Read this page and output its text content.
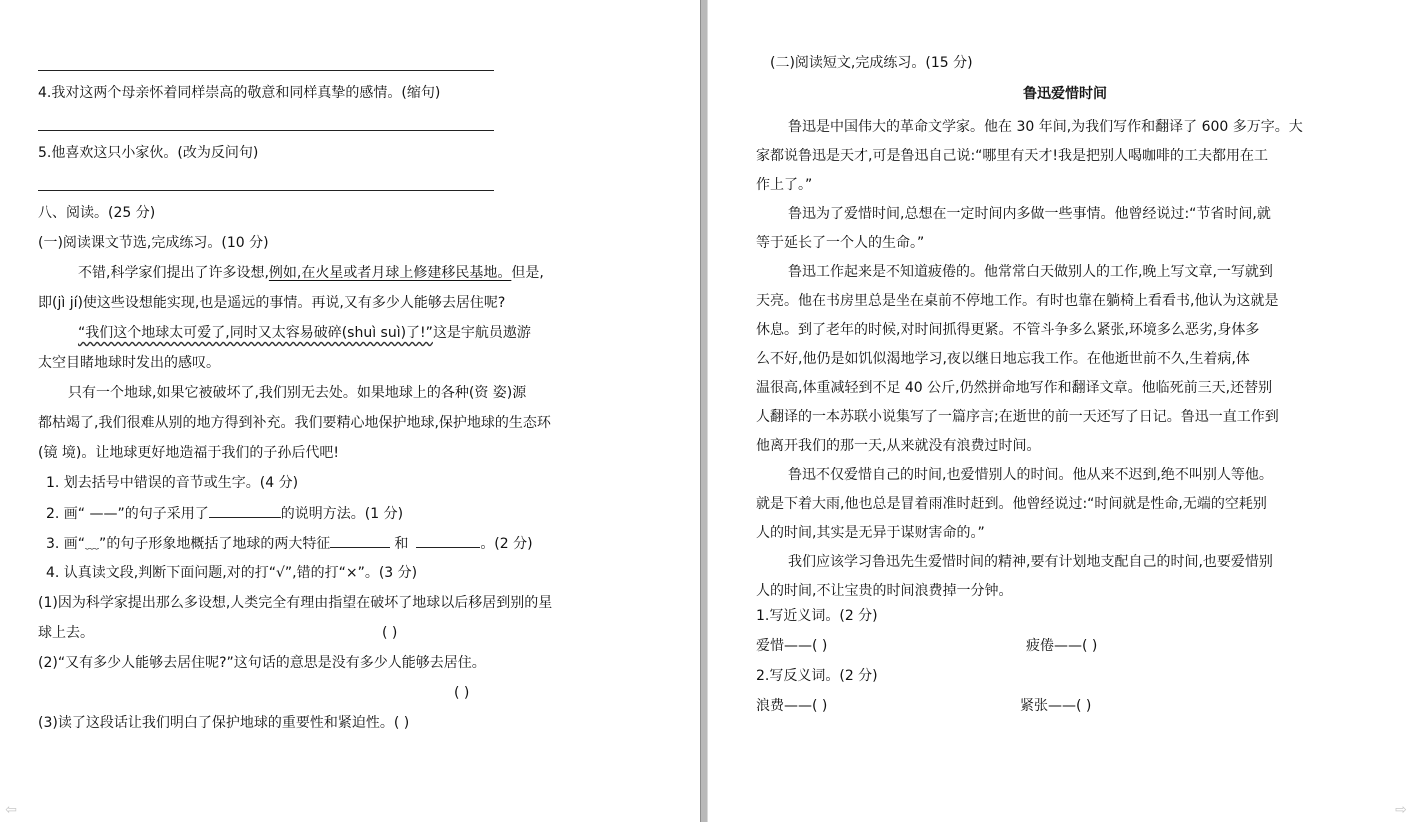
4.我对这两个母亲怀着同样崇高的敬意和同样真挚的感情。(缩句)
5.他喜欢这只小家伙。(改为反问句)
八、阅读。(25 分)
(一)阅读课文节选,完成练习。(10 分)
不错,科学家们提出了许多设想,例如,在火星或者月球上修建移民基地。但是,
即(jì jí)使这些设想能实现,也是遥远的事情。再说,又有多少人能够去居住呢?
“我们这个地球太可爱了,同时又太容易破碎(shuì suì)了!”这是宇航员遨游
太空目睹地球时发出的感叹。
只有一个地球,如果它被破坏了,我们别无去处。如果地球上的各种(资 姿)源
都枯竭了,我们很难从别的地方得到补充。我们要精心地保护地球,保护地球的生态环
(镜 境)。让地球更好地造福于我们的子孙后代吧!
1. 划去括号中错误的音节或生字。(4 分)
2. 画“ ——”的句子采用了	的说明方法。(1 分)
3. 画“﹏”的句子形象地概括了地球的两大特征	和	。(2 分)
4. 认真读文段,判断下面问题,对的打“√”,错的打“×”。(3 分)
(1)因为科学家提出那么多设想,人类完全有理由指望在破坏了地球以后移居到别的星
球上去。	( )
(2)“又有多少人能够去居住呢?”这句话的意思是没有多少人能够去居住。
( )
(3)读了这段话让我们明白了保护地球的重要性和紧迫性。( )
(二)阅读短文,完成练习。(15 分)
鲁迅爱惜时间
鲁迅是中国伟大的革命文学家。他在 30 年间,为我们写作和翻译了 600 多万字。大
家都说鲁迅是天才,可是鲁迅自己说:“哪里有天才!我是把别人喝咖啡的工夫都用在工
作上了。”
鲁迅为了爱惜时间,总想在一定时间内多做一些事情。他曾经说过:“节省时间,就
等于延长了一个人的生命。”
鲁迅工作起来是不知道疲倦的。他常常白天做别人的工作,晚上写文章,一写就到
天亮。他在书房里总是坐在桌前不停地工作。有时也靠在躺椅上看看书,他认为这就是
休息。到了老年的时候,对时间抓得更紧。不管斗争多么紧张,环境多么恶劣,身体多
么不好,他仍是如饥似渴地学习,夜以继日地忘我工作。在他逝世前不久,生着病,体
温很高,体重减轻到不足 40 公斤,仍然拼命地写作和翻译文章。他临死前三天,还替别
人翻译的一本苏联小说集写了一篇序言;在逝世的前一天还写了日记。鲁迅一直工作到
他离开我们的那一天,从来就没有浪费过时间。
鲁迅不仅爱惜自己的时间,也爱惜别人的时间。他从来不迟到,绝不叫别人等他。
就是下着大雨,他也总是冒着雨准时赶到。他曾经说过:“时间就是性命,无端的空耗别
人的时间,其实是无异于谋财害命的。”
我们应该学习鲁迅先生爱惜时间的精神,要有计划地支配自己的时间,也要爱惜别
人的时间,不让宝贵的时间浪费掉一分钟。
1.写近义词。(2 分)
爱惜——( )	疲倦——( )
2.写反义词。(2 分)
浪费——( )	紧张——( )
⇦	⇨
